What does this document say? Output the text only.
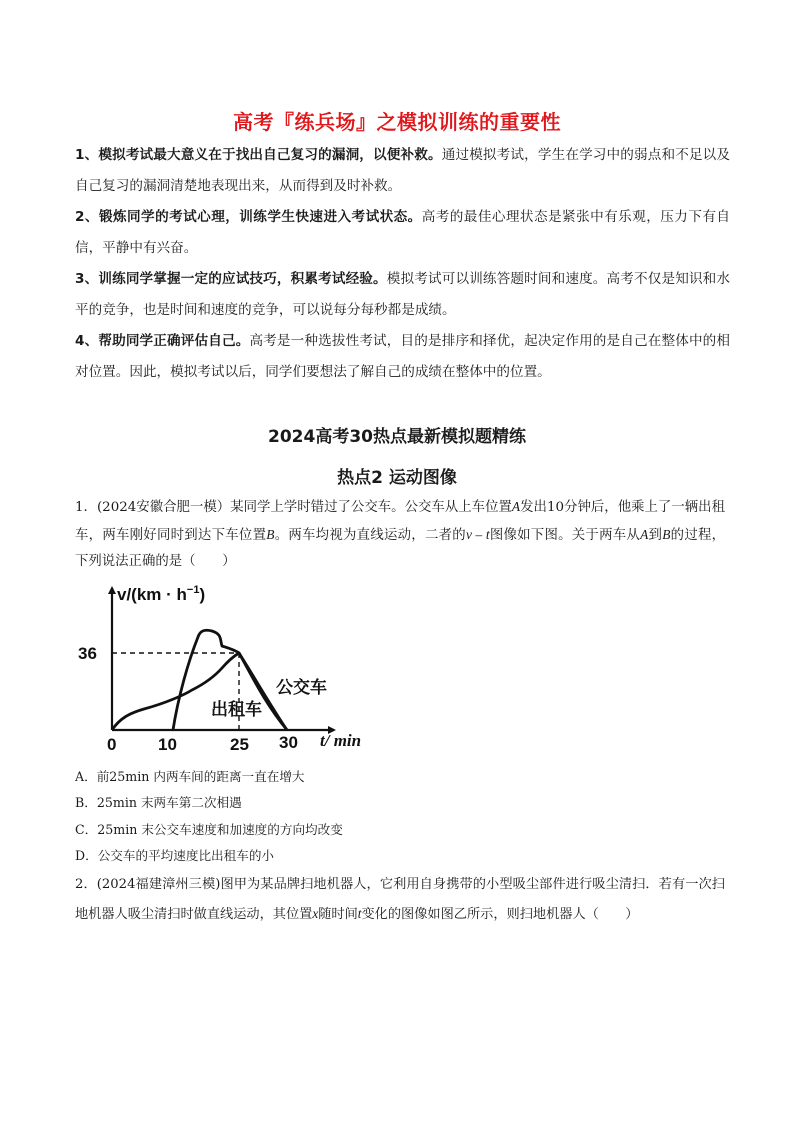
高考『练兵场』之模拟训练的重要性

1、模拟考试最大意义在于找出自己复习的漏洞，以便补救。通过模拟考试，学生在学习中的弱点和不足以及自己复习的漏洞清楚地表现出来，从而得到及时补救。

2、锻炼同学的考试心理，训练学生快速进入考试状态。高考的最佳心理状态是紧张中有乐观，压力下有自信，平静中有兴奋。

3、训练同学掌握一定的应试技巧，积累考试经验。模拟考试可以训练答题时间和速度。高考不仅是知识和水平的竞争，也是时间和速度的竞争，可以说每分每秒都是成绩。

4、帮助同学正确评估自己。高考是一种选拔性考试，目的是排序和择优，起决定作用的是自己在整体中的相对位置。因此，模拟考试以后，同学们要想法了解自己的成绩在整体中的位置。

2024高考30热点最新模拟题精练
热点2 运动图像

1．(2024安徽合肥一模）某同学上学时错过了公交车。公交车从上车位置A发出10分钟后，他乘上了一辆出租车，两车刚好同时到达下车位置B。两车均视为直线运动，二者的v – t图像如下图。关于两车从A到B的过程，下列说法正确的是（　　）

$v/(km \cdot h^{-1})$
36
0 10	25 30 t/ min
公交车
出租车

A．前25min 内两车间的距离一直在增大

B．25min 末两车第二次相遇

C．25min 末公交车速度和加速度的方向均改变

D．公交车的平均速度比出租车的小

2．(2024福建漳州三模)图甲为某品牌扫地机器人，它利用自身携带的小型吸尘部件进行吸尘清扫．若有一次扫地机器人吸尘清扫时做直线运动，其位置x随时间t变化的图像如图乙所示，则扫地机器人（　　）
